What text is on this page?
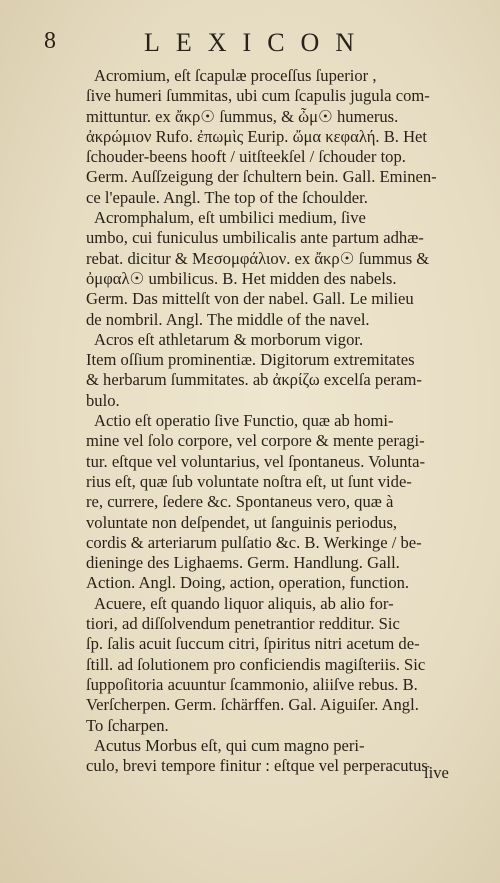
8	LEXICON
Acromium, eſt ſcapulæ proceſſus ſuperior ,
ſive humeri ſummitas, ubi cum ſcapulis jugula com-
mittuntur. ex ἄκρ☉ ſummus, & ὦμ☉ humerus.
ἀκρώμιον Rufo. ἐπωμὶς Eurip. ὤμα κεφαλή. B. Het
ſchouder-beens hooft / uitſteekſel / ſchouder top.
Germ. Auſſzeigung der ſchultern bein. Gall. Eminen-
ce l'epaule. Angl. The top of the ſchoulder.
Acromphalum, eſt umbilici medium, ſive
umbo, cui funiculus umbilicalis ante partum adhæ-
rebat. dicitur & Μεσομφάλιον. ex ἄκρ☉ ſummus &
ὀμφαλ☉ umbilicus. B. Het midden des nabels.
Germ. Das mittelſt von der nabel. Gall. Le milieu
de nombril. Angl. The middle of the navel.
Acros eſt athletarum & morborum vigor.
Item oſſium prominentiæ. Digitorum extremitates
& herbarum ſummitates. ab ἀκρίζω excelſa peram-
bulo.
Actio eſt operatio ſive Functio, quæ ab homi-
mine vel ſolo corpore, vel corpore & mente peragi-
tur. eſtque vel voluntarius, vel ſpontaneus. Volunta-
rius eſt, quæ ſub voluntate noſtra eſt, ut ſunt vide-
re, currere, ſedere &c. Spontaneus vero, quæ à
voluntate non deſpendet, ut ſanguinis periodus,
cordis & arteriarum pulſatio &c. B. Werkinge / be-
dieninge des Lighaems. Germ. Handlung. Gall.
Action. Angl. Doing, action, operation, function.
Acuere, eſt quando liquor aliquis, ab alio for-
tiori, ad diſſolvendum penetrantior redditur. Sic
ſp. ſalis acuit ſuccum citri, ſpiritus nitri acetum de-
ſtill. ad ſolutionem pro conficiendis magiſteriis. Sic
ſuppoſitoria acuuntur ſcammonio, aliiſve rebus. B.
Verſcherpen. Germ. ſchärffen. Gal. Aiguiſer. Angl.
To ſcharpen.
Acutus Morbus eſt, qui cum magno peri-
culo, brevi tempore finitur : eſtque vel perperacutus
ſive
